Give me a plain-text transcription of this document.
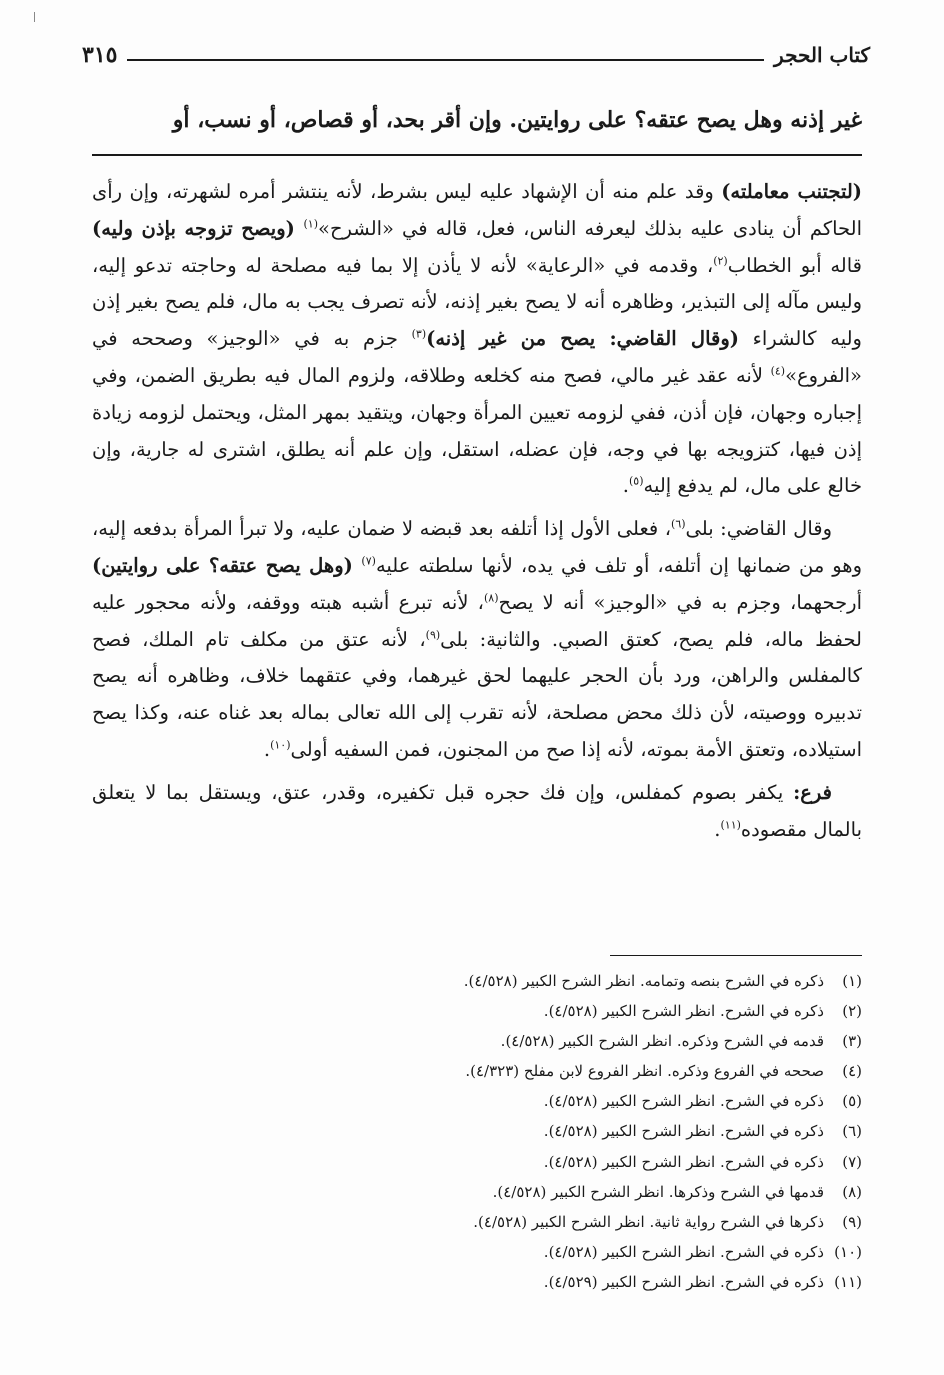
كتاب الحجر
٣١٥
غير إذنه وهل يصح عتقه؟ على روايتين. وإن أقر بحد، أو قصاص، أو نسب، أو

(لتجتنب معاملته) وقد علم منه أن الإشهاد عليه ليس بشرط، لأنه ينتشر أمره لشهرته، وإن رأى الحاكم أن ينادى عليه بذلك ليعرفه الناس، فعل، قاله في «الشرح»$^{(١)}$ (ويصح تزوجه بإذن وليه) قاله أبو الخطاب$^{(٢)}$، وقدمه في «الرعاية» لأنه لا يأذن إلا بما فيه مصلحة له وحاجته تدعو إليه، وليس مآله إلى التبذير، وظاهره أنه لا يصح بغير إذنه، لأنه تصرف يجب به مال، فلم يصح بغير إذن وليه كالشراء (وقال القاضي: يصح من غير إذنه)$^{(٣)}$ جزم به في «الوجيز» وصححه في «الفروع»$^{(٤)}$ لأنه عقد غير مالي، فصح منه كخلعه وطلاقه، ولزوم المال فيه بطريق الضمن، وفي إجباره وجهان، فإن أذن، ففي لزومه تعيين المرأة وجهان، ويتقيد بمهر المثل، ويحتمل لزومه زيادة إذن فيها، كتزويجه بها في وجه، فإن عضله، استقل، وإن علم أنه يطلق، اشترى له جارية، وإن خالع على مال، لم يدفع إليه$^{(٥)}$.

وقال القاضي: بلى$^{(٦)}$، فعلى الأول إذا أتلفه بعد قبضه لا ضمان عليه، ولا تبرأ المرأة بدفعه إليه، وهو من ضمانها إن أتلفه، أو تلف في يده، لأنها سلطته عليه$^{(٧)}$ (وهل يصح عتقه؟ على روايتين) أرجحهما، وجزم به في «الوجيز» أنه لا يصح$^{(٨)}$، لأنه تبرع أشبه هبته ووقفه، ولأنه محجور عليه لحفظ ماله، فلم يصح، كعتق الصبي. والثانية: بلى$^{(٩)}$، لأنه عتق من مكلف تام الملك، فصح كالمفلس والراهن، ورد بأن الحجر عليهما لحق غيرهما، وفي عتقهما خلاف، وظاهره أنه يصح تدبيره ووصيته، لأن ذلك محض مصلحة، لأنه تقرب إلى الله تعالى بماله بعد غناه عنه، وكذا يصح استيلاده، وتعتق الأمة بموته، لأنه إذا صح من المجنون، فمن السفيه أولى$^{(١٠)}$.

فرع: يكفر بصوم كمفلس، وإن فك حجره قبل تكفيره، وقدر، عتق، ويستقل بما لا يتعلق بالمال مقصوده$^{(١١)}$.

(١)ذكره في الشرح بنصه وتمامه. انظر الشرح الكبير (٤/٥٢٨).
(٢)ذكره في الشرح. انظر الشرح الكبير (٤/٥٢٨).
(٣)قدمه في الشرح وذكره. انظر الشرح الكبير (٤/٥٢٨).
(٤)صححه في الفروع وذكره. انظر الفروع لابن مفلح (٤/٣٢٣).
(٥)ذكره في الشرح. انظر الشرح الكبير (٤/٥٢٨).
(٦)ذكره في الشرح. انظر الشرح الكبير (٤/٥٢٨).
(٧)ذكره في الشرح. انظر الشرح الكبير (٤/٥٢٨).
(٨)قدمها في الشرح وذكرها. انظر الشرح الكبير (٤/٥٢٨).
(٩)ذكرها في الشرح رواية ثانية. انظر الشرح الكبير (٤/٥٢٨).
(١٠)ذكره في الشرح. انظر الشرح الكبير (٤/٥٢٨).
(١١)ذكره في الشرح. انظر الشرح الكبير (٤/٥٢٩).
